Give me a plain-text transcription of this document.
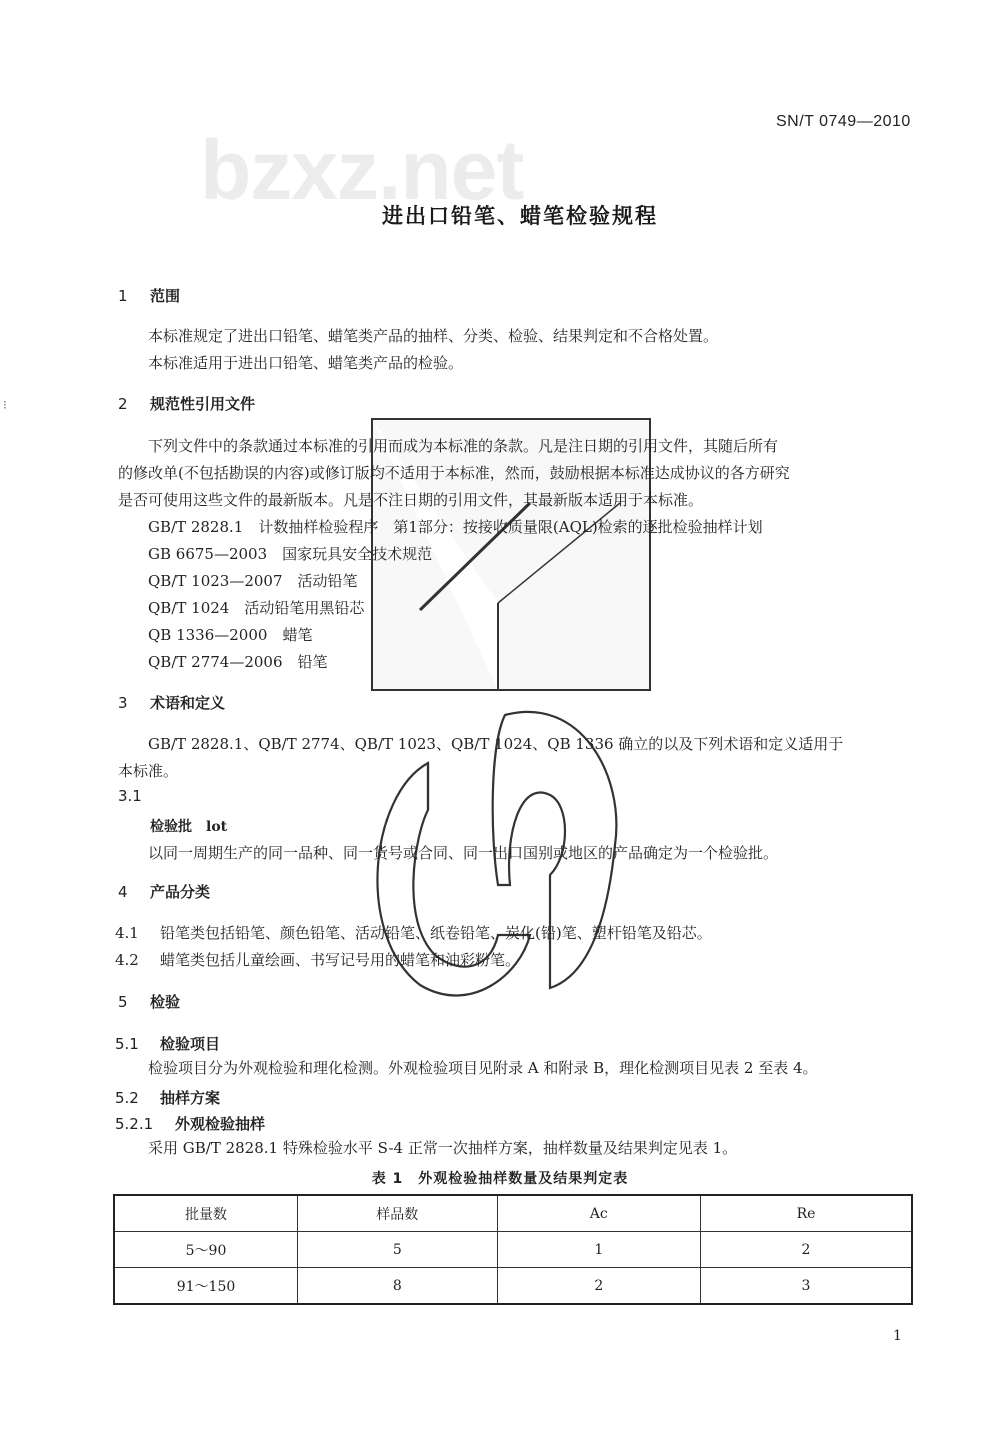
⁝
SN/T 0749—2010
bzxz.net
进出口铅笔、蜡笔检验规程
1 范围
本标准规定了进出口铅笔、蜡笔类产品的抽样、分类、检验、结果判定和不合格处置。
本标准适用于进出口铅笔、蜡笔类产品的检验。
2 规范性引用文件
下列文件中的条款通过本标准的引用而成为本标准的条款。凡是注日期的引用文件，其随后所有
的修改单(不包括勘误的内容)或修订版均不适用于本标准，然而，鼓励根据本标准达成协议的各方研究
是否可使用这些文件的最新版本。凡是不注日期的引用文件，其最新版本适用于本标准。
GB/T 2828.1　 计数抽样检验程序　第1部分：按接收质量限(AQL)检索的逐批检验抽样计划
GB 6675—2003　 国家玩具安全技术规范
QB/T 1023—2007　 活动铅笔
QB/T 1024　 活动铅笔用黑铅芯
QB 1336—2000　 蜡笔
QB/T 2774—2006　 铅笔
3 术语和定义
GB/T 2828.1、QB/T 2774、QB/T 1023、QB/T 1024、QB 1336 确立的以及下列术语和定义适用于
本标准。
3.1
检验批　 lot
以同一周期生产的同一品种、同一货号或合同、同一出口国别或地区的产品确定为一个检验批。
4 产品分类
4.1 铅笔类包括铅笔、颜色铅笔、活动铅笔、纸卷铅笔、炭化(铅)笔、塑杆铅笔及铅芯。
4.2 蜡笔类包括儿童绘画、书写记号用的蜡笔和油彩粉笔。
5 检验
5.1 检验项目
检验项目分为外观检验和理化检测。外观检验项目见附录 A 和附录 B，理化检测项目见表 2 至表 4。
5.2 抽样方案
5.2.1 外观检验抽样
采用 GB/T 2828.1 特殊检验水平 S-4 正常一次抽样方案，抽样数量及结果判定见表 1。
表 1　外观检验抽样数量及结果判定表
批量数	样品数	Ac	Re
5～90	5	1	2
91～150	8	2	3
1
